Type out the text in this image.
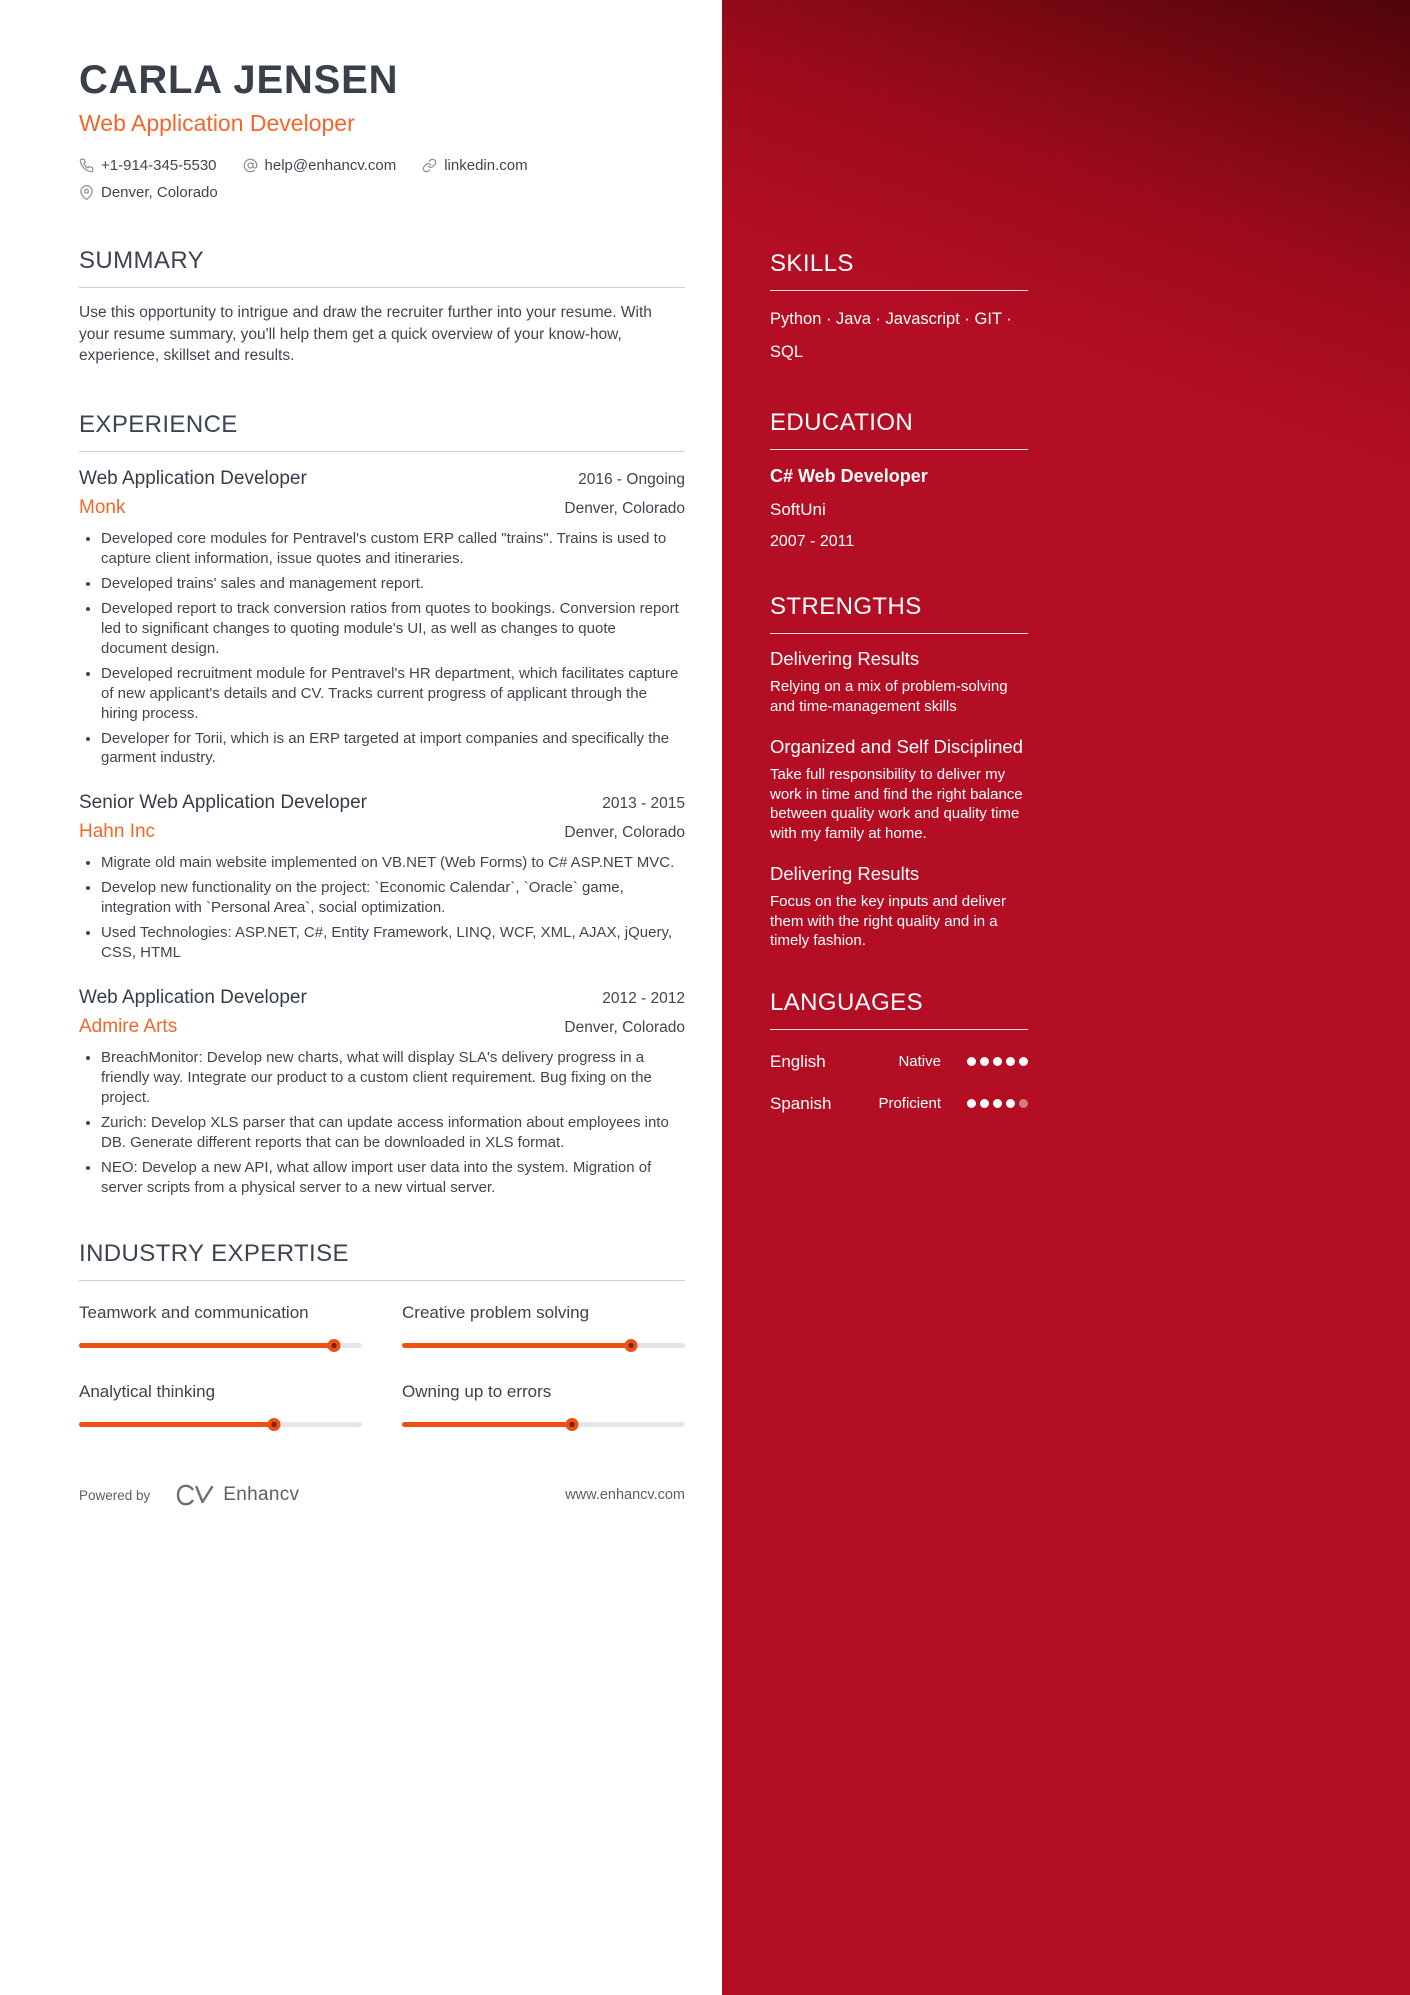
CARLA JENSEN
Web Application Developer
+1-914-345-5530	help@enhancv.com	linkedin.com
Denver, Colorado
SUMMARY

Use this opportunity to intrigue and draw the recruiter further into your resume. With your resume summary, you'll help them get a quick overview of your know-how, experience, skillset and results.

EXPERIENCE
Web Application Developer	2016 - Ongoing
Monk	Denver, Colorado
• Developed core modules for Pentravel's custom ERP called "trains". Trains is used to capture client information, issue quotes and itineraries.
• Developed trains' sales and management report.
• Developed report to track conversion ratios from quotes to bookings. Conversion report led to significant changes to quoting module's UI, as well as changes to quote document design.
• Developed recruitment module for Pentravel's HR department, which facilitates capture of new applicant's details and CV. Tracks current progress of applicant through the hiring process.
• Developer for Torii, which is an ERP targeted at import companies and specifically the garment industry.
Senior Web Application Developer	2013 - 2015
Hahn Inc	Denver, Colorado
• Migrate old main website implemented on VB.NET (Web Forms) to C# ASP.NET MVC.
• Develop new functionality on the project: `Economic Calendar`, `Oracle` game, integration with `Personal Area`, social optimization.
• Used Technologies: ASP.NET, C#, Entity Framework, LINQ, WCF, XML, AJAX, jQuery, CSS, HTML
Web Application Developer	2012 - 2012
Admire Arts	Denver, Colorado
• BreachMonitor: Develop new charts, what will display SLA's delivery progress in a friendly way. Integrate our product to a custom client requirement. Bug fixing on the project.
• Zurich: Develop XLS parser that can update access information about employees into DB. Generate different reports that can be downloaded in XLS format.
• NEO: Develop a new API, what allow import user data into the system. Migration of server scripts from a physical server to a new virtual server.
INDUSTRY EXPERTISE
Teamwork and communication	Creative problem solving
Analytical thinking	Owning up to errors
Powered by	Enhancv	www.enhancv.com
SKILLS
Python · Java · Javascript · GIT · SQL
EDUCATION
C# Web Developer
SoftUni
2007 - 2011
STRENGTHS
Delivering Results
Relying on a mix of problem-solving and time-management skills
Organized and Self Disciplined
Take full responsibility to deliver my work in time and find the right balance between quality work and quality time with my family at home.
Delivering Results
Focus on the key inputs and deliver them with the right quality and in a timely fashion.
LANGUAGES
English	Native
Spanish	Proficient
